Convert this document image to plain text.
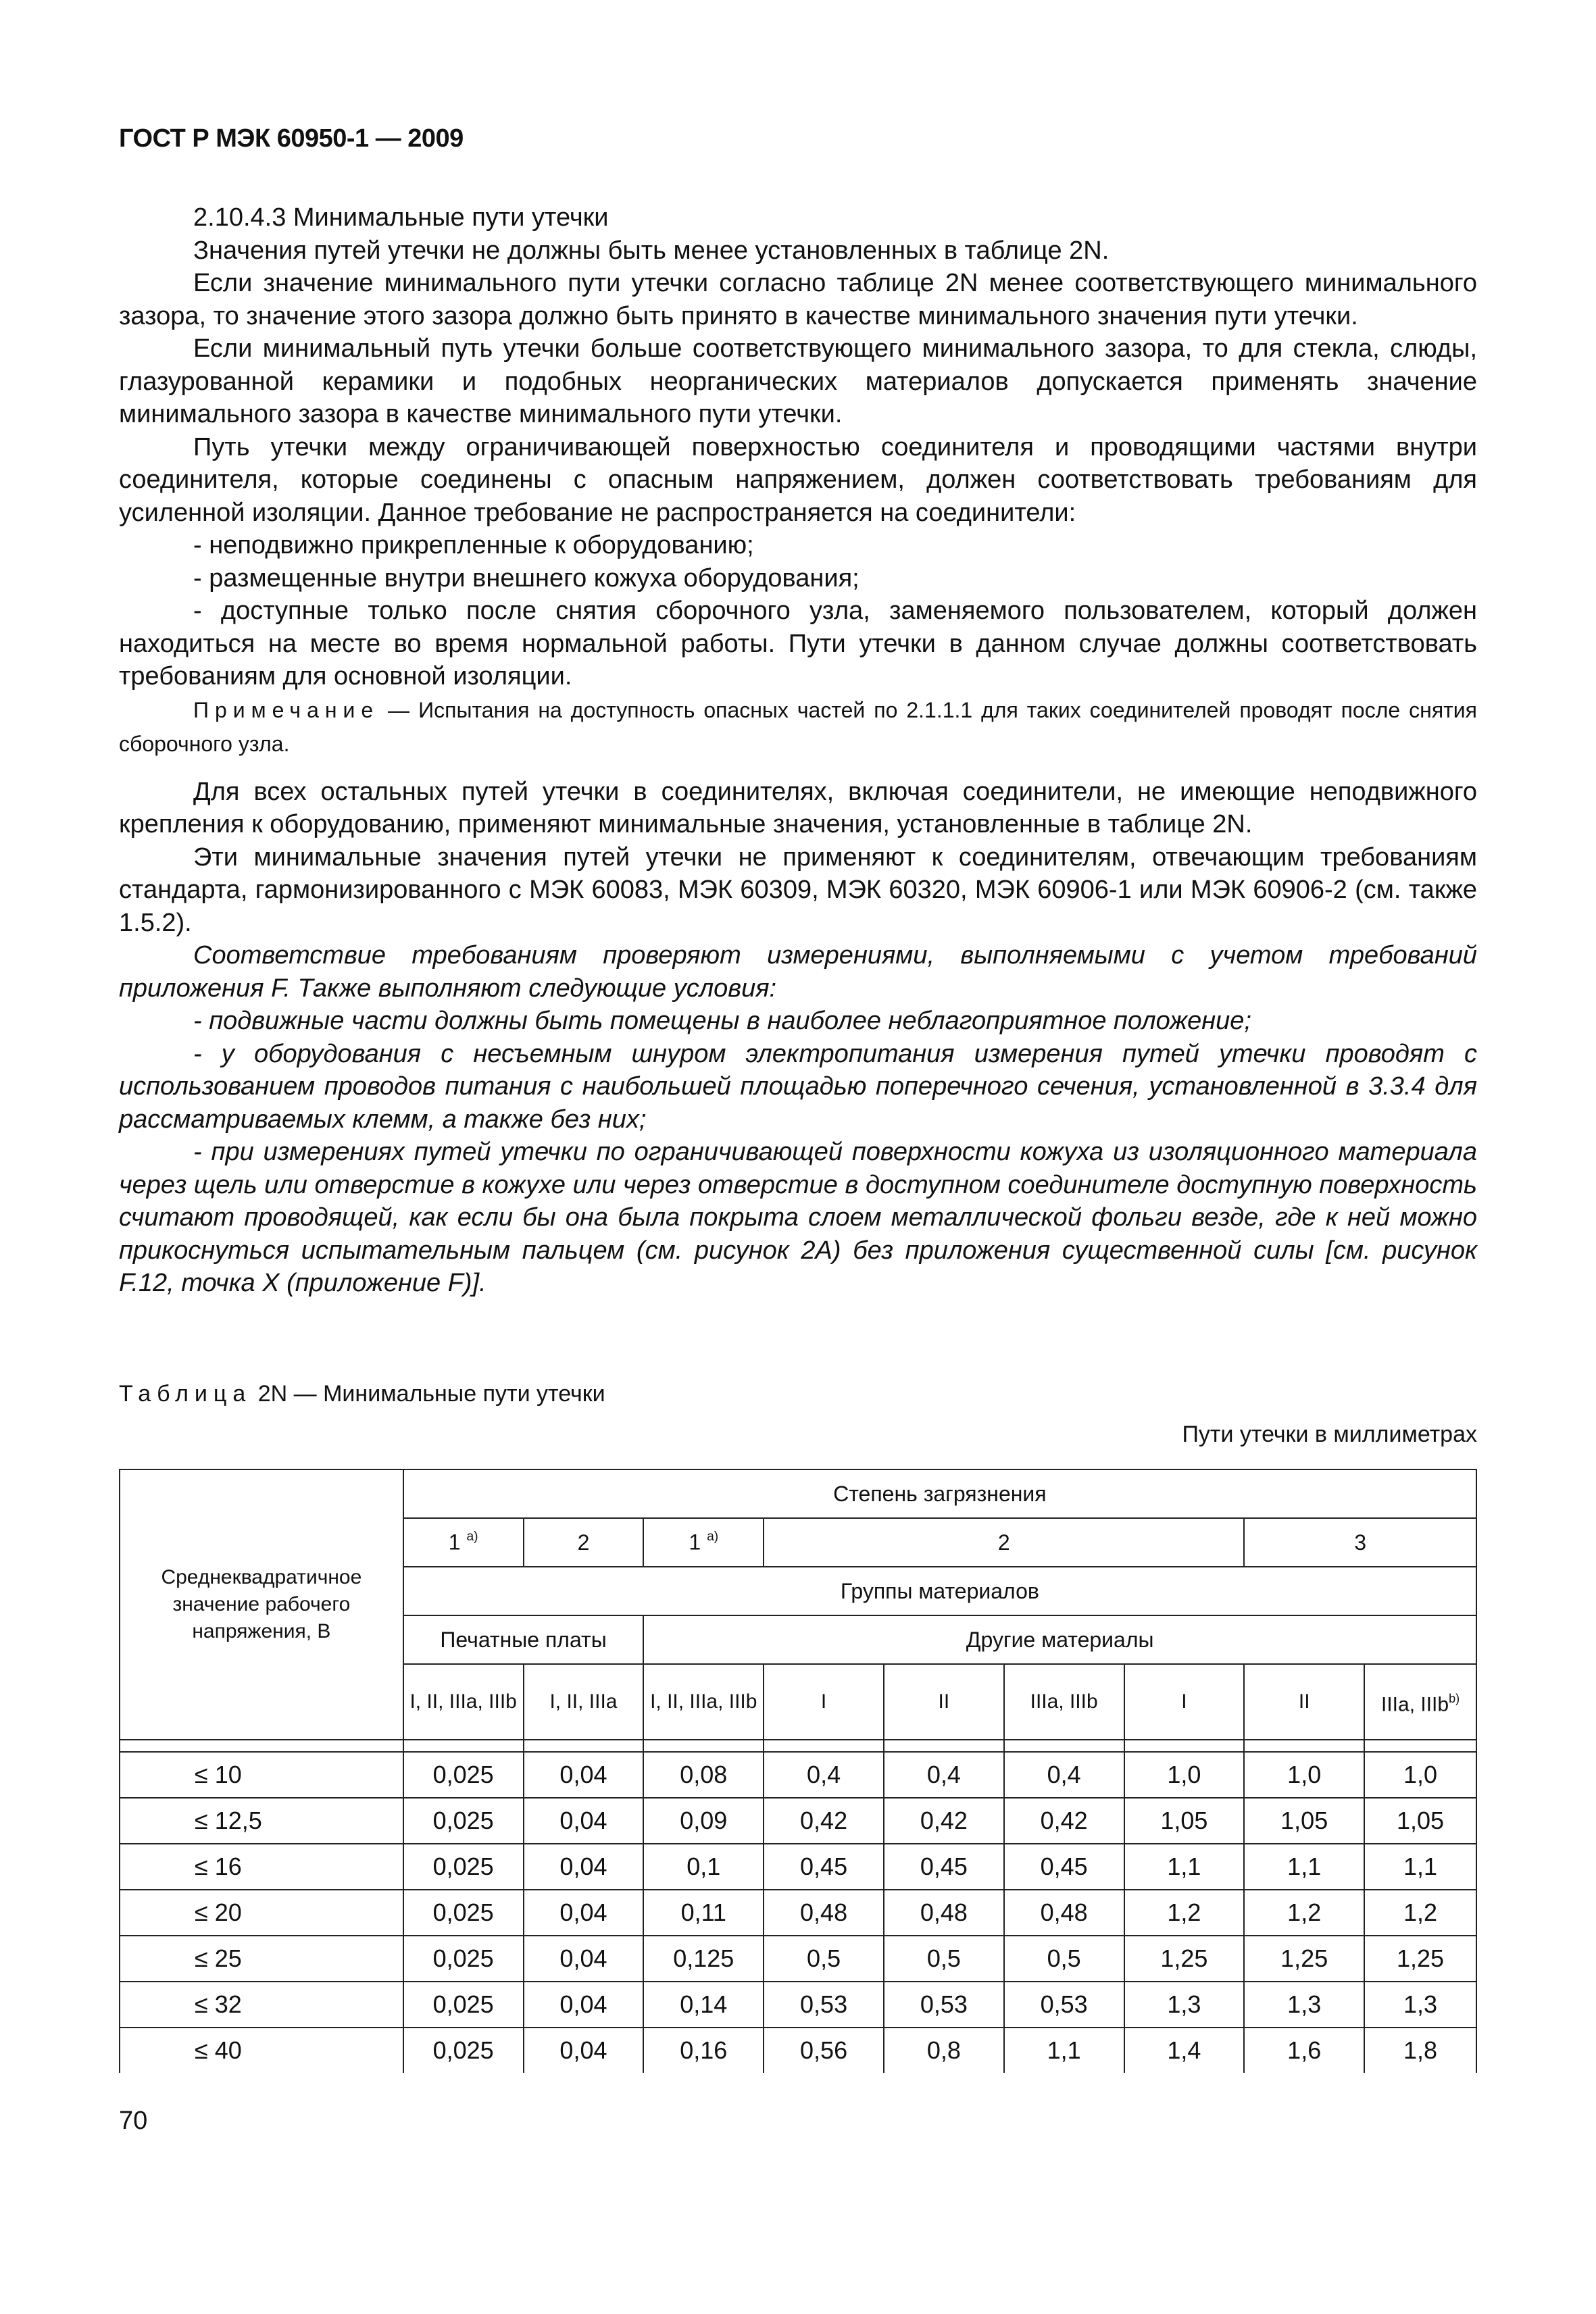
ГОСТ Р МЭК 60950-1 — 2009

2.10.4.3 Минимальные пути утечки

Значения путей утечки не должны быть менее установленных в таблице 2N.

Если значение минимального пути утечки согласно таблице 2N менее соответствующего минимального зазора, то значение этого зазора должно быть принято в качестве минимального значения пути утечки.

Если минимальный путь утечки больше соответствующего минимального зазора, то для стекла, слюды, глазурованной керамики и подобных неорганических материалов допускается применять значение минимального зазора в качестве минимального пути утечки.

Путь утечки между ограничивающей поверхностью соединителя и проводящими частями внутри соединителя, которые соединены с опасным напряжением, должен соответствовать требованиям для усиленной изоляции. Данное требование не распространяется на соединители:

- неподвижно прикрепленные к оборудованию;

- размещенные внутри внешнего кожуха оборудования;

- доступные только после снятия сборочного узла, заменяемого пользователем, который должен находиться на месте во время нормальной работы. Пути утечки в данном случае должны соответствовать требованиям для основной изоляции.

Примечание — Испытания на доступность опасных частей по 2.1.1.1 для таких соединителей проводят после снятия сборочного узла.

Для всех остальных путей утечки в соединителях, включая соединители, не имеющие неподвижного крепления к оборудованию, применяют минимальные значения, установленные в таблице 2N.

Эти минимальные значения путей утечки не применяют к соединителям, отвечающим требованиям стандарта, гармонизированного с МЭК 60083, МЭК 60309, МЭК 60320, МЭК 60906-1 или МЭК 60906-2 (см. также 1.5.2).

Соответствие требованиям проверяют измерениями, выполняемыми с учетом требований приложения F. Также выполняют следующие условия:

- подвижные части должны быть помещены в наиболее неблагоприятное положение;

- у оборудования с несъемным шнуром электропитания измерения путей утечки проводят с использованием проводов питания с наибольшей площадью поперечного сечения, установленной в 3.3.4 для рассматриваемых клемм, а также без них;

- при измерениях путей утечки по ограничивающей поверхности кожуха из изоляционного материала через щель или отверстие в кожухе или через отверстие в доступном соединителе доступную поверхность считают проводящей, как если бы она была покрыта слоем металлической фольги везде, где к ней можно прикоснуться испытательным пальцем (см. рисунок 2А) без приложения существенной силы [см. рисунок F.12, точка X (приложение F)].

Таблица 2N — Минимальные пути утечки
Пути утечки в миллиметрах
Среднеквадратичное значение рабочего напряжения, В	Степень загрязнения								
	1 $^{a)}$	2	1 $^{a)}$	2				3	
	Группы материалов								
	Печатные платы		Другие материалы						
	I, II, IIIa, IIIb	I, II, IIIa	I, II, IIIa, IIIb	I	II	IIIa, IIIb	I	II	IIIa, IIIb$^{b)}$

≤ 10	0,025	0,04	0,08	0,4	0,4	0,4	1,0	1,0	1,0
≤ 12,5	0,025	0,04	0,09	0,42	0,42	0,42	1,05	1,05	1,05
≤ 16	0,025	0,04	0,1	0,45	0,45	0,45	1,1	1,1	1,1
≤ 20	0,025	0,04	0,11	0,48	0,48	0,48	1,2	1,2	1,2
≤ 25	0,025	0,04	0,125	0,5	0,5	0,5	1,25	1,25	1,25
≤ 32	0,025	0,04	0,14	0,53	0,53	0,53	1,3	1,3	1,3
≤ 40	0,025	0,04	0,16	0,56	0,8	1,1	1,4	1,6	1,8
70
